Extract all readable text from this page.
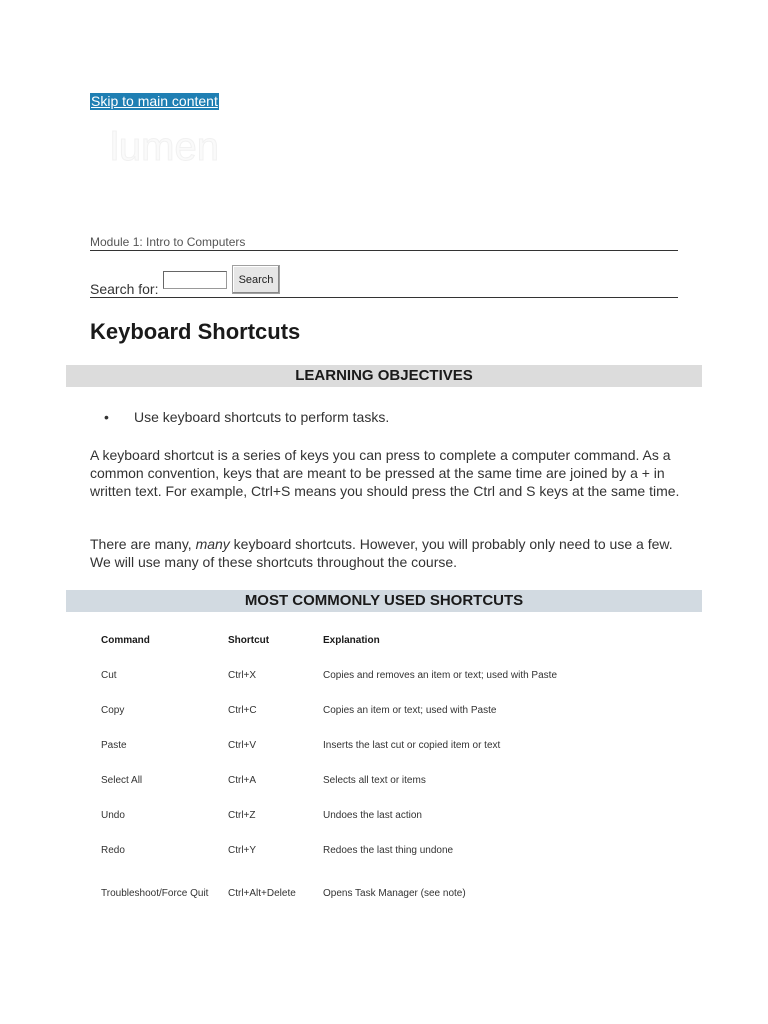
Skip to main content
lumen
Module 1: Intro to Computers
Search for:
Search
Keyboard Shortcuts
LEARNING OBJECTIVES
• Use keyboard shortcuts to perform tasks.

A keyboard shortcut is a series of keys you can press to complete a computer command. As a common convention, keys that are meant to be pressed at the same time are joined by a + in written text. For example, Ctrl+S means you should press the Ctrl and S keys at the same time.

There are many, many keyboard shortcuts. However, you will probably only need to use a few. We will use many of these shortcuts throughout the course.

MOST COMMONLY USED SHORTCUTS
Command	Shortcut	Explanation
Cut	Ctrl+X	Copies and removes an item or text; used with Paste
Copy	Ctrl+C	Copies an item or text; used with Paste
Paste	Ctrl+V	Inserts the last cut or copied item or text
Select All	Ctrl+A	Selects all text or items
Undo	Ctrl+Z	Undoes the last action
Redo	Ctrl+Y	Redoes the last thing undone
Troubleshoot/Force Quit	Ctrl+Alt+Delete	Opens Task Manager (see note)
